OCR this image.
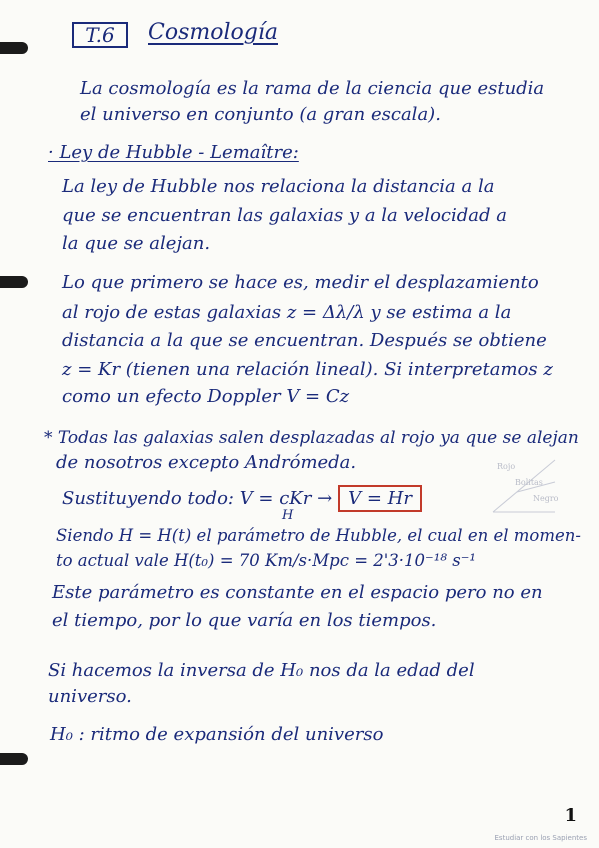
T.6	Cosmología
La cosmología es la rama de la ciencia que estudia
el universo en conjunto (a gran escala).
· Ley de Hubble - Lemaître:
La ley de Hubble nos relaciona la distancia a la
que se encuentran las galaxias y a la velocidad a
la que se alejan.
Lo que primero se hace es, medir el desplazamiento
al rojo de estas galaxias z = Δλ/λ y se estima a la
distancia a la que se encuentran. Después se obtiene
z = Kr (tienen una relación lineal). Si interpretamos z
como un efecto Doppler V = Cz
* Todas las galaxias salen desplazadas al rojo ya que se alejan
de nosotros excepto Andrómeda.
Sustituyendo todo: V = cKr → V = Hr
H
Rojo
Bolitas
Negro
Siendo H = H(t) el parámetro de Hubble, el cual en el momen-
to actual vale H(t₀) = 70 Km/s·Mpc = 2'3·10⁻¹⁸ s⁻¹
Este parámetro es constante en el espacio pero no en
el tiempo, por lo que varía en los tiempos.
Si hacemos la inversa de H₀ nos da la edad del
universo.
H₀ : ritmo de expansión del universo
1
Estudiar con los Sapientes
